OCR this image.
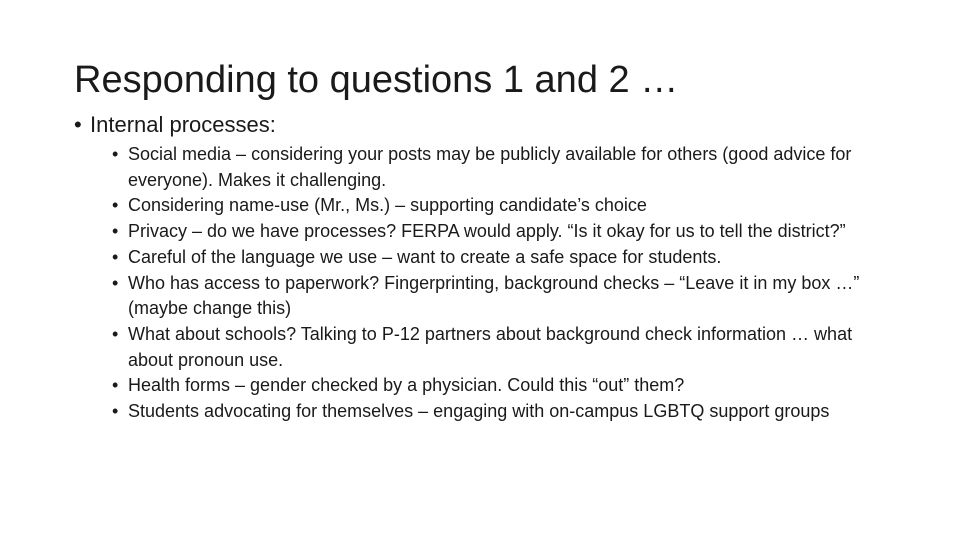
Responding to questions 1 and 2 …
• Internal processes:
• Social media – considering your posts may be publicly available for others (good advice for everyone). Makes it challenging.
• Considering name-use (Mr., Ms.) – supporting candidate’s choice
• Privacy – do we have processes? FERPA would apply. “Is it okay for us to tell the district?”
• Careful of the language we use – want to create a safe space for students.
• Who has access to paperwork? Fingerprinting, background checks – “Leave it in my box …” (maybe change this)
• What about schools? Talking to P-12 partners about background check information … what about pronoun use.
• Health forms – gender checked by a physician. Could this “out” them?
• Students advocating for themselves – engaging with on-campus LGBTQ support groups
